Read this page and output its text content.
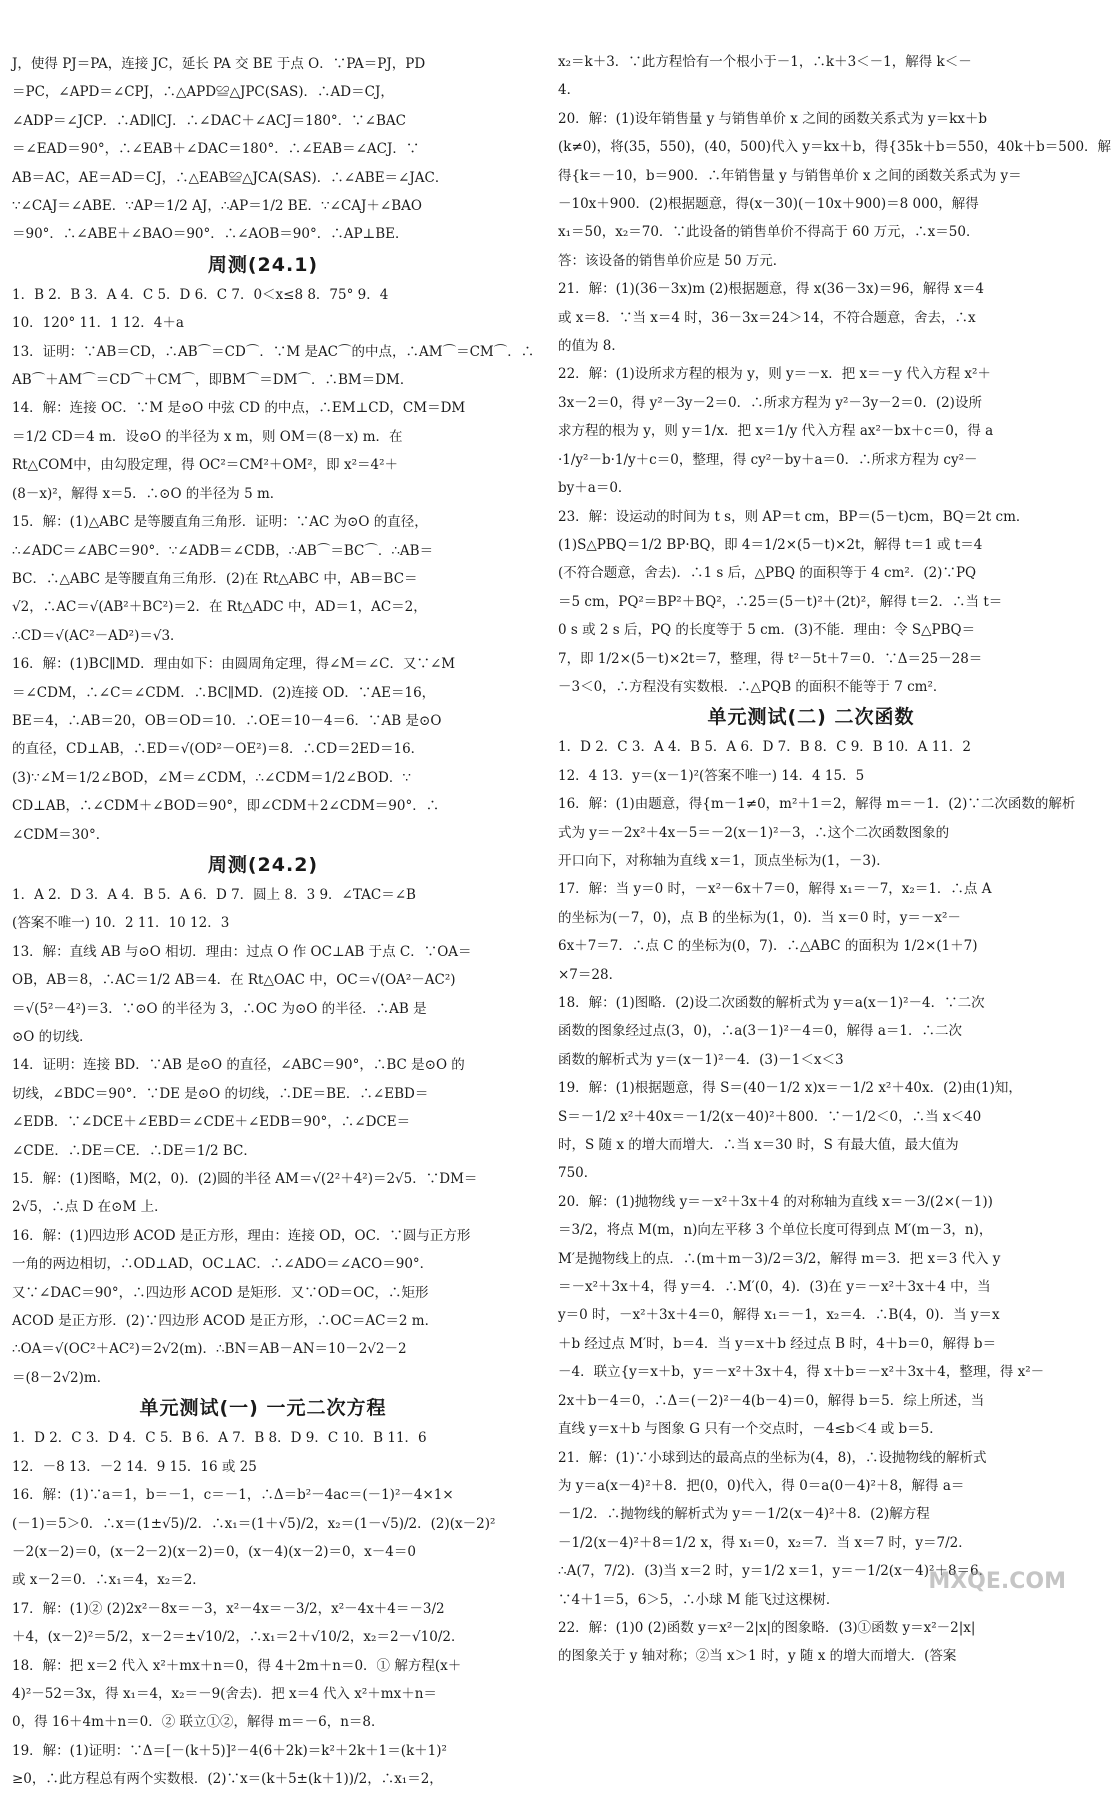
J，使得 PJ＝PA，连接 JC，延长 PA 交 BE 于点 O．∵PA＝PJ，PD
＝PC，∠APD＝∠CPJ，∴△APD≌△JPC(SAS)．∴AD＝CJ，
∠ADP＝∠JCP．∴AD∥CJ．∴∠DAC＋∠ACJ＝180°．∵∠BAC
＝∠EAD＝90°，∴∠EAB＋∠DAC＝180°．∴∠EAB＝∠ACJ．∵
AB＝AC，AE＝AD＝CJ，∴△EAB≌△JCA(SAS)．∴∠ABE＝∠JAC．
∵∠CAJ＝∠ABE．∵AP＝1/2 AJ，∴AP＝1/2 BE．∵∠CAJ＋∠BAO
＝90°．∴∠ABE＋∠BAO＝90°．∴∠AOB＝90°．∴AP⊥BE．
周测(24.1)
1．B 2．B 3．A 4．C 5．D 6．C 7．0＜x≤8 8．75° 9．4
10．120° 11．1 12．4＋a
13．证明：∵AB＝CD，∴AB⌒＝CD⌒．∵M 是AC⌒的中点，∴AM⌒＝CM⌒．∴
AB⌒＋AM⌒＝CD⌒＋CM⌒，即BM⌒＝DM⌒．∴BM＝DM．
14．解：连接 OC．∵M 是⊙O 中弦 CD 的中点，∴EM⊥CD，CM＝DM
＝1/2 CD＝4 m．设⊙O 的半径为 x m，则 OM＝(8－x) m．在
Rt△COM中，由勾股定理，得 OC²＝CM²＋OM²，即 x²＝4²＋
(8－x)²，解得 x＝5．∴⊙O 的半径为 5 m．
15．解：(1)△ABC 是等腰直角三角形．证明：∵AC 为⊙O 的直径，
∴∠ADC＝∠ABC＝90°．∵∠ADB＝∠CDB，∴AB⌒＝BC⌒．∴AB＝
BC．∴△ABC 是等腰直角三角形．(2)在 Rt△ABC 中，AB＝BC＝
√2，∴AC＝√(AB²＋BC²)＝2．在 Rt△ADC 中，AD＝1，AC＝2，
∴CD＝√(AC²－AD²)＝√3．
16．解：(1)BC∥MD．理由如下：由圆周角定理，得∠M＝∠C．又∵∠M
＝∠CDM，∴∠C＝∠CDM．∴BC∥MD．(2)连接 OD．∵AE＝16，
BE＝4，∴AB＝20，OB＝OD＝10．∴OE＝10－4＝6．∵AB 是⊙O
的直径，CD⊥AB，∴ED＝√(OD²－OE²)＝8．∴CD＝2ED＝16．
(3)∵∠M＝1/2∠BOD，∠M＝∠CDM，∴∠CDM＝1/2∠BOD．∵
CD⊥AB，∴∠CDM＋∠BOD＝90°，即∠CDM＋2∠CDM＝90°．∴
∠CDM＝30°．
周测(24.2)
1．A 2．D 3．A 4．B 5．A 6．D 7．圆上 8．3 9．∠TAC＝∠B
(答案不唯一) 10．2 11．10 12．3
13．解：直线 AB 与⊙O 相切．理由：过点 O 作 OC⊥AB 于点 C．∵OA＝
OB，AB＝8，∴AC＝1/2 AB＝4．在 Rt△OAC 中，OC＝√(OA²－AC²)
＝√(5²－4²)＝3．∵⊙O 的半径为 3，∴OC 为⊙O 的半径．∴AB 是
⊙O 的切线．
14．证明：连接 BD．∵AB 是⊙O 的直径，∠ABC＝90°，∴BC 是⊙O 的
切线，∠BDC＝90°．∵DE 是⊙O 的切线，∴DE＝BE．∴∠EBD＝
∠EDB．∵∠DCE＋∠EBD＝∠CDE＋∠EDB＝90°，∴∠DCE＝
∠CDE．∴DE＝CE．∴DE＝1/2 BC．
15．解：(1)图略，M(2，0)．(2)圆的半径 AM＝√(2²＋4²)＝2√5．∵DM＝
2√5，∴点 D 在⊙M 上．
16．解：(1)四边形 ACOD 是正方形，理由：连接 OD，OC．∵圆与正方形
一角的两边相切，∴OD⊥AD，OC⊥AC．∴∠ADO＝∠ACO＝90°．
又∵∠DAC＝90°，∴四边形 ACOD 是矩形．又∵OD＝OC，∴矩形
ACOD 是正方形．(2)∵四边形 ACOD 是正方形，∴OC＝AC＝2 m．
∴OA＝√(OC²＋AC²)＝2√2(m)．∴BN＝AB－AN＝10－2√2－2
＝(8－2√2)m．
单元测试(一) 一元二次方程
1．D 2．C 3．D 4．C 5．B 6．A 7．B 8．D 9．C 10．B 11．6
12．－8 13．－2 14．9 15．16 或 25
16．解：(1)∵a＝1，b＝－1，c＝－1，∴Δ＝b²－4ac＝(－1)²－4×1×
(－1)＝5＞0．∴x＝(1±√5)/2．∴x₁＝(1＋√5)/2，x₂＝(1－√5)/2．(2)(x－2)²
－2(x－2)＝0，(x－2－2)(x－2)＝0，(x－4)(x－2)＝0，x－4＝0
或 x－2＝0．∴x₁＝4，x₂＝2．
17．解：(1)② (2)2x²－8x＝－3，x²－4x＝－3/2，x²－4x＋4＝－3/2
＋4，(x－2)²＝5/2，x－2＝±√10/2，∴x₁＝2＋√10/2，x₂＝2－√10/2．
18．解：把 x＝2 代入 x²＋mx＋n＝0，得 4＋2m＋n＝0．① 解方程(x＋
4)²－52＝3x，得 x₁＝4，x₂＝－9(舍去)．把 x＝4 代入 x²＋mx＋n＝
0，得 16＋4m＋n＝0．② 联立①②，解得 m＝－6，n＝8．
19．解：(1)证明：∵Δ＝[－(k＋5)]²－4(6＋2k)＝k²＋2k＋1＝(k＋1)²
≥0，∴此方程总有两个实数根．(2)∵x＝(k＋5±(k＋1))/2，∴x₁＝2，
x₂＝k＋3．∵此方程恰有一个根小于－1，∴k＋3＜－1，解得 k＜－
4．
20．解：(1)设年销售量 y 与销售单价 x 之间的函数关系式为 y＝kx＋b
(k≠0)，将(35，550)，(40，500)代入 y＝kx＋b，得{35k＋b＝550，40k＋b＝500．解
得{k＝－10，b＝900．∴年销售量 y 与销售单价 x 之间的函数关系式为 y＝
－10x＋900．(2)根据题意，得(x－30)(－10x＋900)＝8 000，解得
x₁＝50，x₂＝70．∵此设备的销售单价不得高于 60 万元，∴x＝50．
答：该设备的销售单价应是 50 万元．
21．解：(1)(36－3x)m (2)根据题意，得 x(36－3x)＝96，解得 x＝4
或 x＝8．∵当 x＝4 时，36－3x＝24＞14，不符合题意，舍去，∴x
的值为 8．
22．解：(1)设所求方程的根为 y，则 y＝－x．把 x＝－y 代入方程 x²＋
3x－2＝0，得 y²－3y－2＝0．∴所求方程为 y²－3y－2＝0．(2)设所
求方程的根为 y，则 y＝1/x．把 x＝1/y 代入方程 ax²－bx＋c＝0，得 a
·1/y²－b·1/y＋c＝0，整理，得 cy²－by＋a＝0．∴所求方程为 cy²－
by＋a＝0．
23．解：设运动的时间为 t s，则 AP＝t cm，BP＝(5－t)cm，BQ＝2t cm．
(1)S△PBQ＝1/2 BP·BQ，即 4＝1/2×(5－t)×2t，解得 t＝1 或 t＝4
(不符合题意，舍去)．∴1 s 后，△PBQ 的面积等于 4 cm²．(2)∵PQ
＝5 cm，PQ²＝BP²＋BQ²，∴25＝(5－t)²＋(2t)²，解得 t＝2．∴当 t＝
0 s 或 2 s 后，PQ 的长度等于 5 cm．(3)不能．理由：令 S△PBQ＝
7，即 1/2×(5－t)×2t＝7，整理，得 t²－5t＋7＝0．∵Δ＝25－28＝
－3＜0，∴方程没有实数根．∴△PQB 的面积不能等于 7 cm²．
单元测试(二) 二次函数
1．D 2．C 3．A 4．B 5．A 6．D 7．B 8．C 9．B 10．A 11．2
12．4 13．y＝(x－1)²(答案不唯一) 14．4 15．5
16．解：(1)由题意，得{m－1≠0，m²＋1＝2，解得 m＝－1．(2)∵二次函数的解析
式为 y＝－2x²＋4x－5＝－2(x－1)²－3，∴这个二次函数图象的
开口向下，对称轴为直线 x＝1，顶点坐标为(1，－3)．
17．解：当 y＝0 时，－x²－6x＋7＝0，解得 x₁＝－7，x₂＝1．∴点 A
的坐标为(－7，0)，点 B 的坐标为(1，0)．当 x＝0 时，y＝－x²－
6x＋7＝7．∴点 C 的坐标为(0，7)．∴△ABC 的面积为 1/2×(1＋7)
×7＝28．
18．解：(1)图略．(2)设二次函数的解析式为 y＝a(x－1)²－4．∵二次
函数的图象经过点(3，0)，∴a(3－1)²－4＝0，解得 a＝1．∴二次
函数的解析式为 y＝(x－1)²－4．(3)－1＜x＜3
19．解：(1)根据题意，得 S＝(40－1/2 x)x＝－1/2 x²＋40x．(2)由(1)知，
S＝－1/2 x²＋40x＝－1/2(x－40)²＋800．∵－1/2＜0，∴当 x＜40
时，S 随 x 的增大而增大．∴当 x＝30 时，S 有最大值，最大值为
750．
20．解：(1)抛物线 y＝－x²＋3x＋4 的对称轴为直线 x＝－3/(2×(－1))
＝3/2，将点 M(m，n)向左平移 3 个单位长度可得到点 M′(m－3，n)，
M′是抛物线上的点．∴(m＋m－3)/2＝3/2，解得 m＝3．把 x＝3 代入 y
＝－x²＋3x＋4，得 y＝4．∴M′(0，4)．(3)在 y＝－x²＋3x＋4 中，当
y＝0 时，－x²＋3x＋4＝0，解得 x₁＝－1，x₂＝4．∴B(4，0)．当 y＝x
＋b 经过点 M′时，b＝4．当 y＝x＋b 经过点 B 时，4＋b＝0，解得 b＝
－4．联立{y＝x＋b，y＝－x²＋3x＋4，得 x＋b＝－x²＋3x＋4，整理，得 x²－
2x＋b－4＝0，∴Δ＝(－2)²－4(b－4)＝0，解得 b＝5．综上所述，当
直线 y＝x＋b 与图象 G 只有一个交点时，－4≤b＜4 或 b＝5．
21．解：(1)∵小球到达的最高点的坐标为(4，8)，∴设抛物线的解析式
为 y＝a(x－4)²＋8．把(0，0)代入，得 0＝a(0－4)²＋8，解得 a＝
－1/2．∴抛物线的解析式为 y＝－1/2(x－4)²＋8．(2)解方程
－1/2(x－4)²＋8＝1/2 x，得 x₁＝0，x₂＝7．当 x＝7 时，y＝7/2．
∴A(7，7/2)．(3)当 x＝2 时，y＝1/2 x＝1，y＝－1/2(x－4)²＋8＝6．
∵4＋1＝5，6＞5，∴小球 M 能飞过这棵树．
22．解：(1)0 (2)函数 y＝x²－2|x|的图象略．(3)①函数 y＝x²－2|x|
的图象关于 y 轴对称；②当 x＞1 时，y 随 x 的增大而增大．(答案
MXQE.COM
